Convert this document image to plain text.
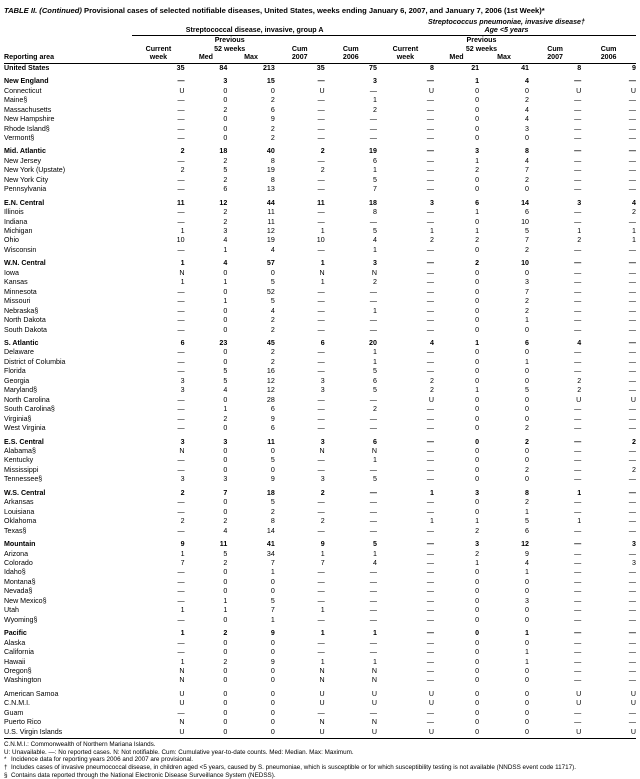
TABLE II. (Continued) Provisional cases of selected notifiable diseases, United States, weeks ending January 6, 2007, and January 7, 2006 (1st Week)*
	Streptococcal disease, invasive, group A					Streptococcus pneumoniae, invasive disease†
Age <5 years				

		Previous					Previous			
	Current	52 weeks		Cum	Cum	Current	52 weeks		Cum	Cum
Reporting area	week	Med	Max	2007	2006	week	Med	Max	2007	2006

United States	35	84	213	35	75	8	21	41	8	9

New England	—	3	15	—	3	—	1	4	—	—
Connecticut	U	0	0	U	—	U	0	0	U	U
Maine§	—	0	2	—	1	—	0	2	—	—
Massachusetts	—	2	6	—	2	—	0	4	—	—
New Hampshire	—	0	9	—	—	—	0	4	—	—
Rhode Island§	—	0	2	—	—	—	0	3	—	—
Vermont§	—	0	2	—	—	—	0	0	—	—

Mid. Atlantic	2	18	40	2	19	—	3	8	—	—
New Jersey	—	2	8	—	6	—	1	4	—	—
New York (Upstate)	2	5	19	2	1	—	2	7	—	—
New York City	—	2	8	—	5	—	0	2	—	—
Pennsylvania	—	6	13	—	7	—	0	0	—	—

E.N. Central	11	12	44	11	18	3	6	14	3	4
Illinois	—	2	11	—	8	—	1	6	—	2
Indiana	—	2	11	—	—	—	0	10	—	—
Michigan	1	3	12	1	5	1	1	5	1	1
Ohio	10	4	19	10	4	2	2	7	2	1
Wisconsin	—	1	4	—	1	—	0	2	—	—

W.N. Central	1	4	57	1	3	—	2	10	—	—
Iowa	N	0	0	N	N	—	0	0	—	—
Kansas	1	1	5	1	2	—	0	3	—	—
Minnesota	—	0	52	—	—	—	0	7	—	—
Missouri	—	1	5	—	—	—	0	2	—	—
Nebraska§	—	0	4	—	1	—	0	2	—	—
North Dakota	—	0	2	—	—	—	0	1	—	—
South Dakota	—	0	2	—	—	—	0	0	—	—

S. Atlantic	6	23	45	6	20	4	1	6	4	—
Delaware	—	0	2	—	1	—	0	0	—	—
District of Columbia	—	0	2	—	1	—	0	1	—	—
Florida	—	5	16	—	5	—	0	0	—	—
Georgia	3	5	12	3	6	2	0	0	2	—
Maryland§	3	4	12	3	5	2	1	5	2	—
North Carolina	—	0	28	—	—	U	0	0	U	U
South Carolina§	—	1	6	—	2	—	0	0	—	—
Virginia§	—	2	9	—	—	—	0	0	—	—
West Virginia	—	0	6	—	—	—	0	2	—	—

E.S. Central	3	3	11	3	6	—	0	2	—	2
Alabama§	N	0	0	N	N	—	0	0	—	—
Kentucky	—	0	5	—	1	—	0	0	—	—
Mississippi	—	0	0	—	—	—	0	2	—	2
Tennessee§	3	3	9	3	5	—	0	0	—	—

W.S. Central	2	7	18	2	—	1	3	8	1	—
Arkansas	—	0	5	—	—	—	0	2	—	—
Louisiana	—	0	2	—	—	—	0	1	—	—
Oklahoma	2	2	8	2	—	1	1	5	1	—
Texas§	—	4	14	—	—	—	2	6	—	—

Mountain	9	11	41	9	5	—	3	12	—	3
Arizona	1	5	34	1	1	—	2	9	—	—
Colorado	7	2	7	7	4	—	1	4	—	3
Idaho§	—	0	1	—	—	—	0	1	—	—
Montana§	—	0	0	—	—	—	0	0	—	—
Nevada§	—	0	0	—	—	—	0	0	—	—
New Mexico§	—	1	5	—	—	—	0	3	—	—
Utah	1	1	7	1	—	—	0	0	—	—
Wyoming§	—	0	1	—	—	—	0	0	—	—

Pacific	1	2	9	1	1	—	0	1	—	—
Alaska	—	0	0	—	—	—	0	0	—	—
California	—	0	0	—	—	—	0	1	—	—
Hawaii	1	2	9	1	1	—	0	1	—	—
Oregon§	N	0	0	N	N	—	0	0	—	—
Washington	N	0	0	N	N	—	0	0	—	—

American Samoa	U	0	0	U	U	U	0	0	U	U
C.N.M.I.	U	0	0	U	U	U	0	0	U	U
Guam	—	0	0	—	—	—	0	0	—	—
Puerto Rico	N	0	0	N	N	—	0	0	—	—
U.S. Virgin Islands	U	0	0	U	U	U	0	0	U	U

C.N.M.I.: Commonwealth of Northern Mariana Islands.
U: Unavailable. —: No reported cases. N: Not notifiable. Cum: Cumulative year-to-date counts. Med: Median. Max: Maximum.
* Incidence data for reporting years 2006 and 2007 are provisional.
† Includes cases of invasive pneumococcal disease, in children aged <5 years, caused by S. pneumoniae, which is susceptible or for which susceptibility testing is not available (NNDSS event code 11717).
§ Contains data reported through the National Electronic Disease Surveillance System (NEDSS).
